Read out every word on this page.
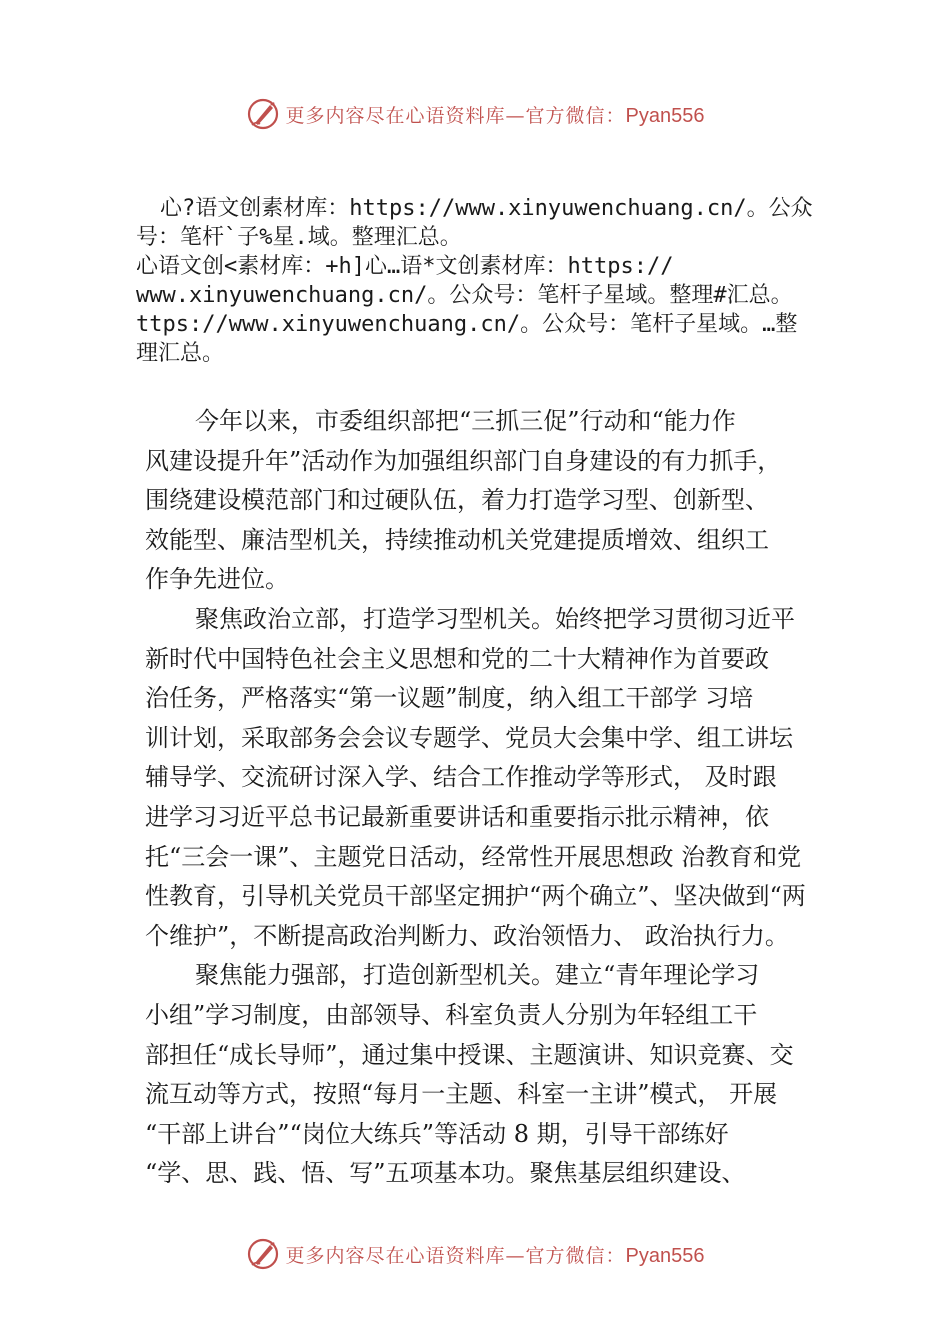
更多内容尽在心语资料库—官方微信：Pyan556
心?语文创素材库：https://www.xinyuwenchuang.cn/。公众
号：笔杆`子%星.域。整理汇总。
心语文创<素材库：+h]心…语*文创素材库：https://
www.xinyuwenchuang.cn/。公众号：笔杆子星域。整理#汇总。
ttps://www.xinyuwenchuang.cn/。公众号：笔杆子星域。…整
理汇总。
今年以来，市委组织部把“三抓三促”行动和“能力作
风建设提升年”活动作为加强组织部门自身建设的有力抓手，
围绕建设模范部门和过硬队伍，着力打造学习型、创新型、
效能型、廉洁型机关，持续推动机关党建提质增效、组织工
作争先进位。
聚焦政治立部，打造学习型机关。始终把学习贯彻习近平
新时代中国特色社会主义思想和党的二十大精神作为首要政
治任务，严格落实“第一议题”制度，纳入组工干部学 习培
训计划，采取部务会会议专题学、党员大会集中学、组工讲坛
辅导学、交流研讨深入学、结合工作推动学等形式， 及时跟
进学习习近平总书记最新重要讲话和重要指示批示精神，依
托“三会一课”、主题党日活动，经常性开展思想政 治教育和党
性教育，引导机关党员干部坚定拥护“两个确立”、坚决做到“两
个维护”，不断提高政治判断力、政治领悟力、 政治执行力。
聚焦能力强部，打造创新型机关。建立“青年理论学习
小组”学习制度，由部领导、科室负责人分别为年轻组工干
部担任“成长导师”，通过集中授课、主题演讲、知识竞赛、交
流互动等方式，按照“每月一主题、科室一主讲”模式， 开展
“干部上讲台”“岗位大练兵”等活动 8 期，引导干部练好
“学、思、践、悟、写”五项基本功。聚焦基层组织建设、
更多内容尽在心语资料库—官方微信：Pyan556
